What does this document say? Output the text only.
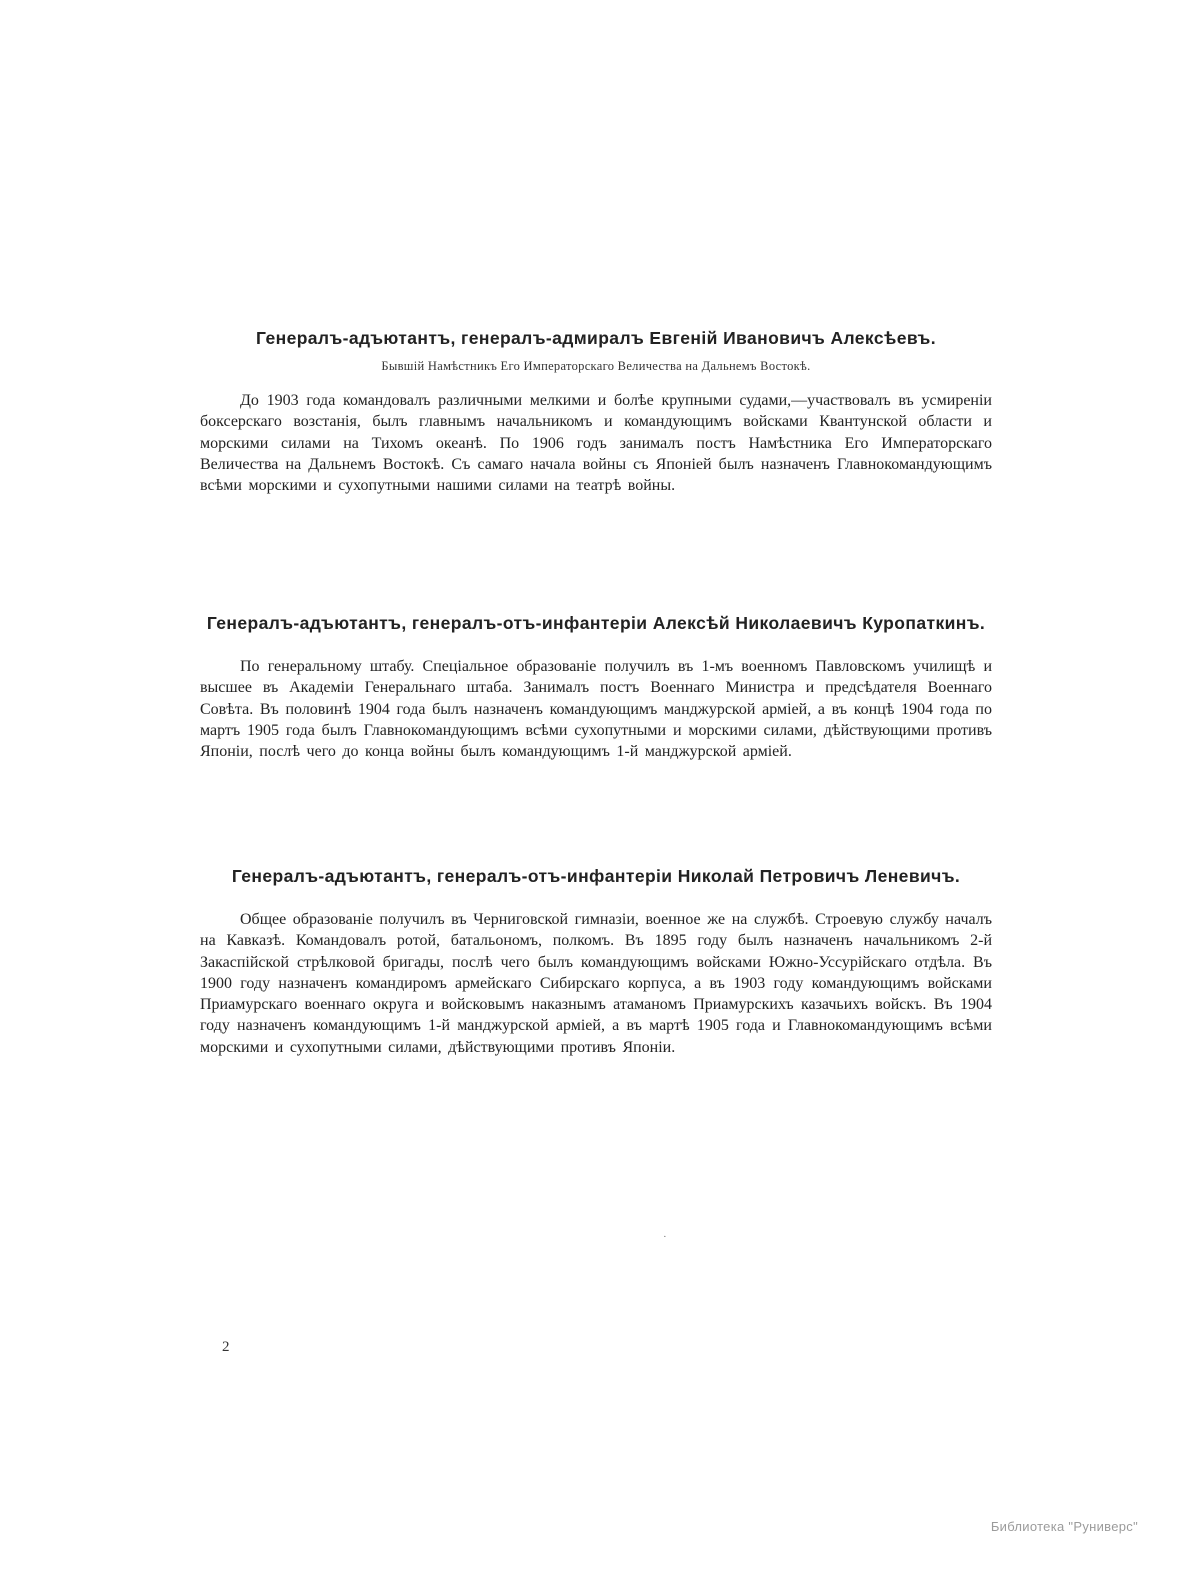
Генералъ-адъютантъ, генералъ-адмиралъ Евгеній Ивановичъ Алексѣевъ.
Бывшій Намѣстникъ Его Императорскаго Величества на Дальнемъ Востокѣ.

До 1903 года командовалъ различными мелкими и болѣе крупными судами,—участвовалъ въ усмиреніи боксерскаго возстанія, былъ главнымъ начальникомъ и командующимъ войсками Квантунской области и морскими силами на Тихомъ океанѣ. По 1906 годъ занималъ постъ Намѣстника Его Императорскаго Величества на Дальнемъ Востокѣ. Съ самаго начала войны съ Японіей былъ назначенъ Главнокомандующимъ всѣми морскими и сухопутными нашими силами на театрѣ войны.

Генералъ-адъютантъ, генералъ-отъ-инфантеріи Алексѣй Николаевичъ Куропаткинъ.

По генеральному штабу. Спеціальное образованіе получилъ въ 1-мъ военномъ Павловскомъ училищѣ и высшее въ Академіи Генеральнаго штаба. Занималъ постъ Военнаго Министра и предсѣдателя Военнаго Совѣта. Въ половинѣ 1904 года былъ назначенъ командующимъ манджурской арміей, а въ концѣ 1904 года по мартъ 1905 года былъ Главнокомандующимъ всѣми сухопутными и морскими силами, дѣйствующими противъ Японіи, послѣ чего до конца войны былъ командующимъ 1-й манджурской арміей.

Генералъ-адъютантъ, генералъ-отъ-инфантеріи Николай Петровичъ Леневичъ.

Общее образованіе получилъ въ Черниговской гимназіи, военное же на службѣ. Строевую службу началъ на Кавказѣ. Командовалъ ротой, батальономъ, полкомъ. Въ 1895 году былъ назначенъ начальникомъ 2-й Закаспійской стрѣлковой бригады, послѣ чего былъ командующимъ войсками Южно-Уссурійскаго отдѣла. Въ 1900 году назначенъ командиромъ армейскаго Сибирскаго корпуса, а въ 1903 году командующимъ войсками Приамурскаго военнаго округа и войсковымъ наказнымъ атаманомъ Приамурскихъ казачьихъ войскъ. Въ 1904 году назначенъ командующимъ 1-й манджурской арміей, а въ мартѣ 1905 года и Главнокомандующимъ всѣми морскими и сухопутными силами, дѣйствующими противъ Японіи.

·
2
Библиотека "Руниверс"
